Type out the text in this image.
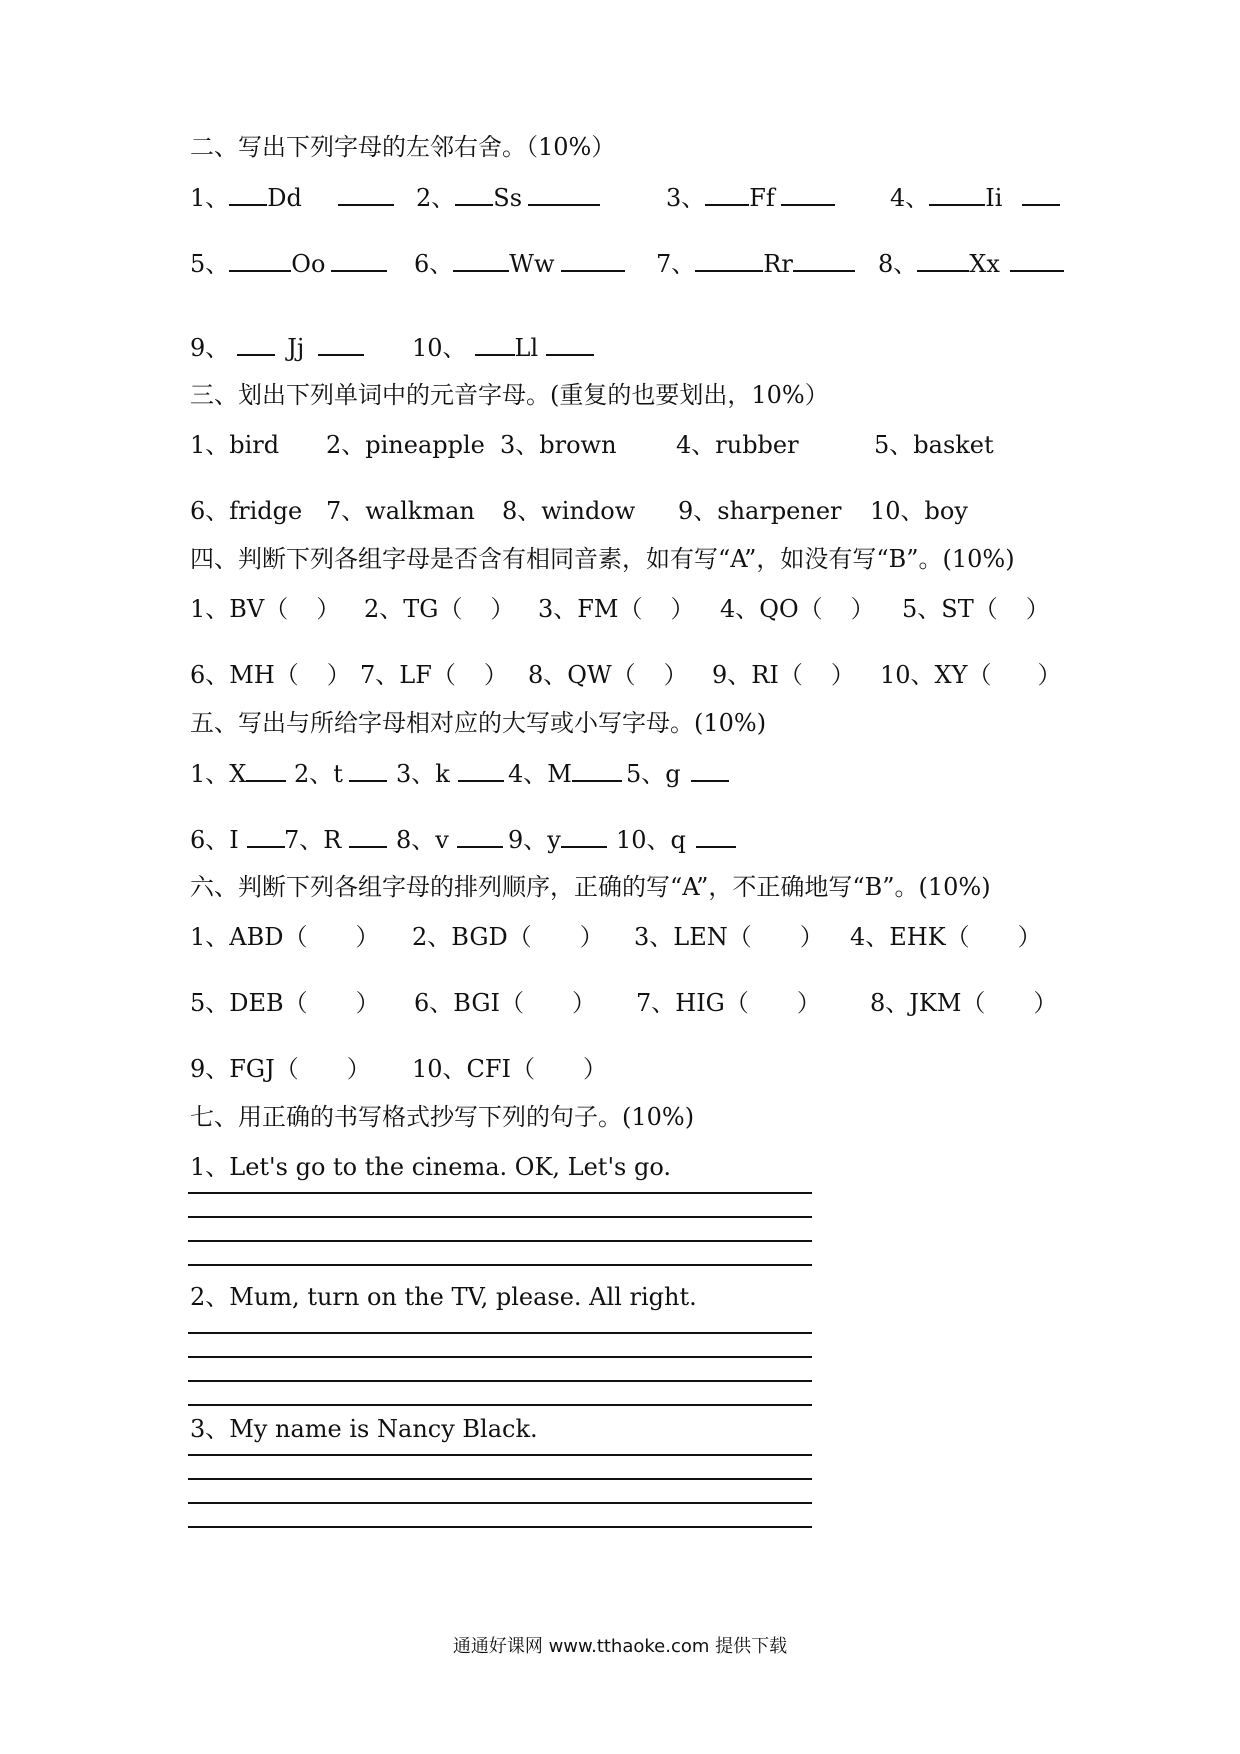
二、写出下列字母的左邻右舍。（10%）
1、 Dd	2、 Ss	3、 Ff	4、 Ii
5、	Oo	6、 Ww	7、	Rr	8、 Xx
9、 Jj	10、 Ll
三、划出下列单词中的元音字母。(重复的也要划出，10%）
1、bird 2、pineapple 3、brown 4、rubber	5、basket
6、fridge 7、walkman 8、window 9、sharpener 10、boy
四、判断下列各组字母是否含有相同音素，如有写“A”，如没有写“B”。(10%)
1、BV（ ） 2、TG（ ） 3、FM（ ） 4、QO（ ） 5、ST（ ）
6、MH（ ） 7、LF（ ） 8、QW（ ） 9、RI（ ） 10、XY（ ）
五、写出与所给字母相对应的大写或小写字母。(10%)
1、X	2、t	3、k	4、M	5、g
6、I	7、R	8、v	9、y	10、q
六、判断下列各组字母的排列顺序，正确的写“A”，不正确地写“B”。(10%)
1、ABD（ ） 2、BGD（ ） 3、LEN（ ） 4、EHK（ ）
5、DEB（ ） 6、BGI（ ） 7、HIG（ ） 8、JKM（ ）
9、FGJ（ ） 10、CFI（ ）
七、用正确的书写格式抄写下列的句子。(10%)
1、Let's go to the cinema. OK, Let's go.
2、Mum, turn on the TV, please. All right.
3、My name is Nancy Black.
通通好课网 www.tthaoke.com 提供下载
